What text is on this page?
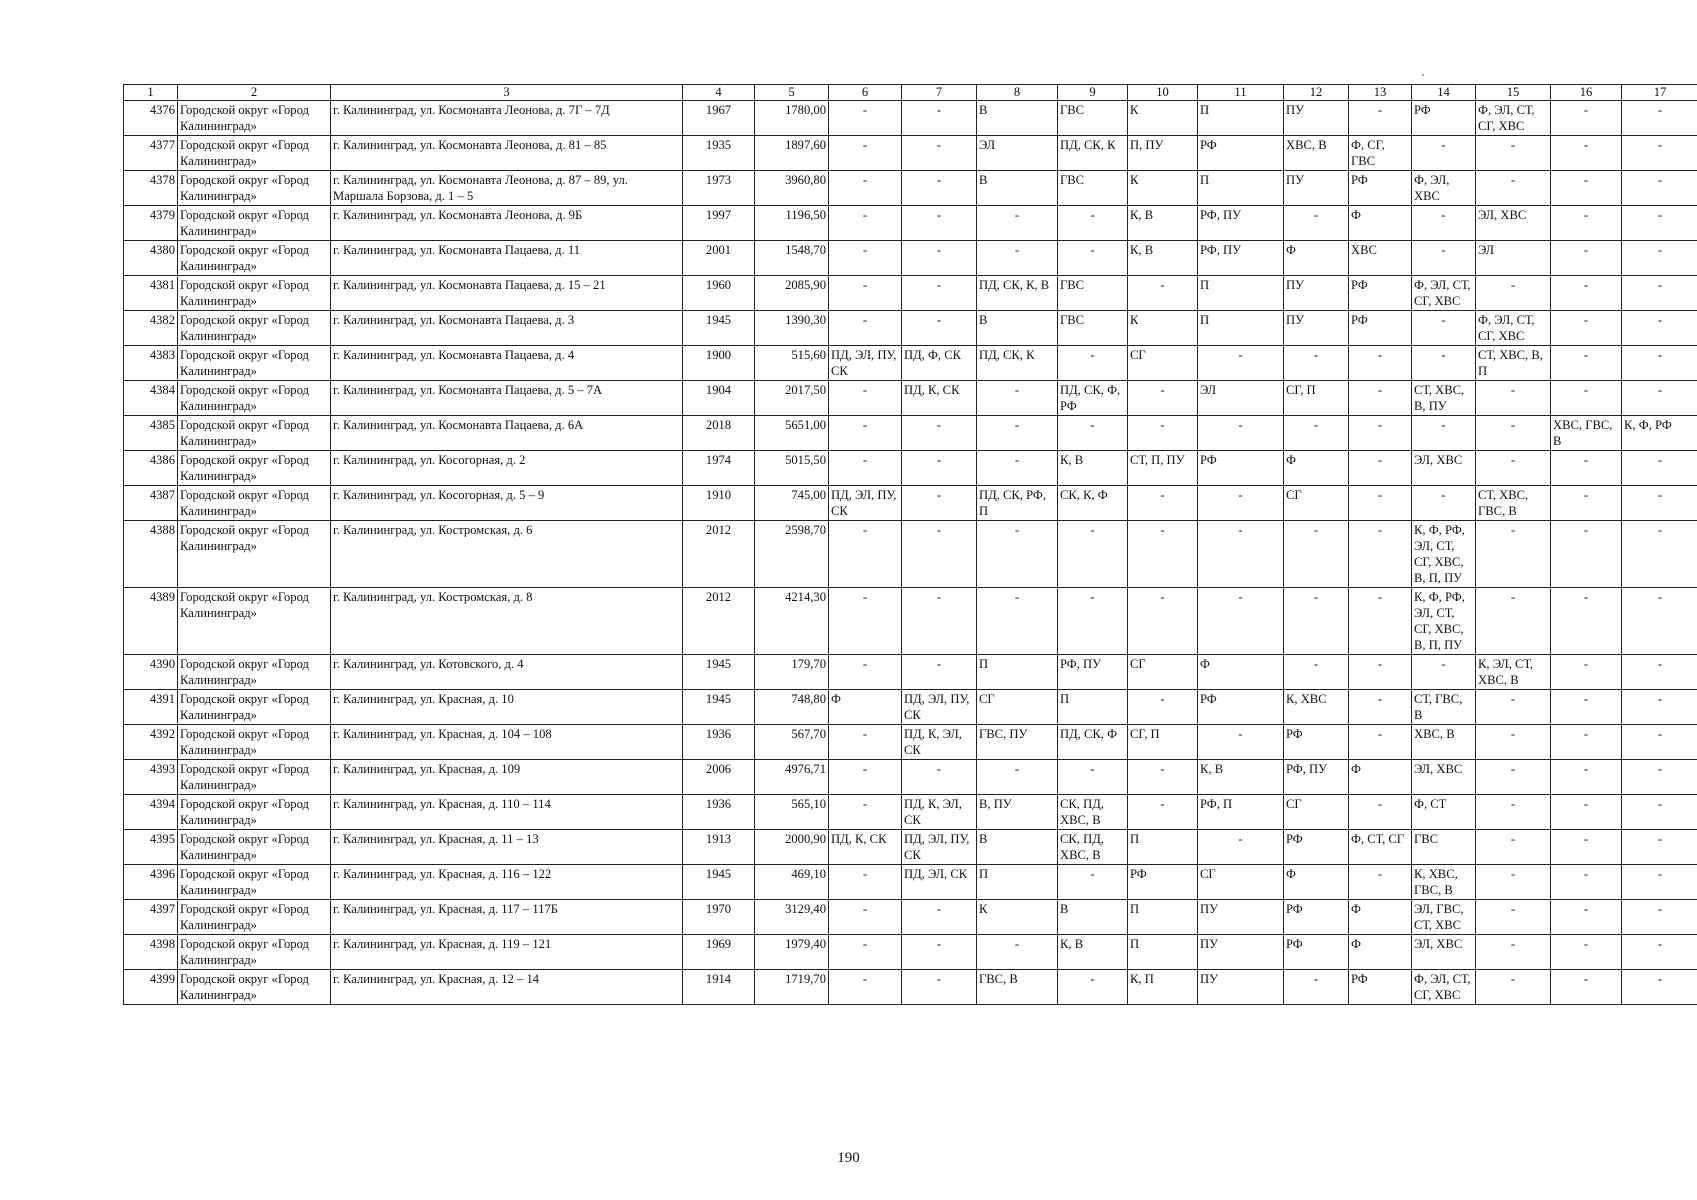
1	2	3	4	5	6	7	8	9	10	11	12	13	14	15	16	17
4376	Городской округ «Город Калининград»	г. Калининград, ул. Космонавта Леонова, д. 7Г – 7Д	1967	1780,00	-	-	В	ГВС	К	П	ПУ	-	РФ	Ф, ЭЛ, СТ, СГ, ХВС	-	-
4377	Городской округ «Город Калининград»	г. Калининград, ул. Космонавта Леонова, д. 81 – 85	1935	1897,60	-	-	ЭЛ	ПД, СК, К	П, ПУ	РФ	ХВС, В	Ф, СГ, ГВС	-	-	-	-
4378	Городской округ «Город Калининград»	г. Калининград, ул. Космонавта Леонова, д. 87 – 89, ул. Маршала Борзова, д. 1 – 5	1973	3960,80	-	-	В	ГВС	К	П	ПУ	РФ	Ф, ЭЛ, ХВС	-	-	-
4379	Городской округ «Город Калининград»	г. Калининград, ул. Космонавта Леонова, д. 9Б	1997	1196,50	-	-	-	-	К, В	РФ, ПУ	-	Ф	-	ЭЛ, ХВС	-	-
4380	Городской округ «Город Калининград»	г. Калининград, ул. Космонавта Пацаева, д. 11	2001	1548,70	-	-	-	-	К, В	РФ, ПУ	Ф	ХВС	-	ЭЛ	-	-
4381	Городской округ «Город Калининград»	г. Калининград, ул. Космонавта Пацаева, д. 15 – 21	1960	2085,90	-	-	ПД, СК, К, В	ГВС	-	П	ПУ	РФ	Ф, ЭЛ, СТ, СГ, ХВС	-	-	-
4382	Городской округ «Город Калининград»	г. Калининград, ул. Космонавта Пацаева, д. 3	1945	1390,30	-	-	В	ГВС	К	П	ПУ	РФ	-	Ф, ЭЛ, СТ, СГ, ХВС	-	-
4383	Городской округ «Город Калининград»	г. Калининград, ул. Космонавта Пацаева, д. 4	1900	515,60	ПД, ЭЛ, ПУ, СК	ПД, Ф, СК	ПД, СК, К	-	СГ	-	-	-	-	СТ, ХВС, В, П	-	-
4384	Городской округ «Город Калининград»	г. Калининград, ул. Космонавта Пацаева, д. 5 – 7А	1904	2017,50	-	ПД, К, СК	-	ПД, СК, Ф, РФ	-	ЭЛ	СГ, П	-	СТ, ХВС, В, ПУ	-	-	-
4385	Городской округ «Город Калининград»	г. Калининград, ул. Космонавта Пацаева, д. 6А	2018	5651,00	-	-	-	-	-	-	-	-	-	-	ХВС, ГВС, В	К, Ф, РФ
4386	Городской округ «Город Калининград»	г. Калининград, ул. Косогорная, д. 2	1974	5015,50	-	-	-	К, В	СТ, П, ПУ	РФ	Ф	-	ЭЛ, ХВС	-	-	-
4387	Городской округ «Город Калининград»	г. Калининград, ул. Косогорная, д. 5 – 9	1910	745,00	ПД, ЭЛ, ПУ, СК	-	ПД, СК, РФ, П	СК, К, Ф	-	-	СГ	-	-	СТ, ХВС, ГВС, В	-	-
4388	Городской округ «Город Калининград»	г. Калининград, ул. Костромская, д. 6	2012	2598,70	-	-	-	-	-	-	-	-	К, Ф, РФ, ЭЛ, СТ, СГ, ХВС, В, П, ПУ	-	-	-
4389	Городской округ «Город Калининград»	г. Калининград, ул. Костромская, д. 8	2012	4214,30	-	-	-	-	-	-	-	-	К, Ф, РФ, ЭЛ, СТ, СГ, ХВС, В, П, ПУ	-	-	-
4390	Городской округ «Город Калининград»	г. Калининград, ул. Котовского, д. 4	1945	179,70	-	-	П	РФ, ПУ	СГ	Ф	-	-	-	К, ЭЛ, СТ, ХВС, В	-	-
4391	Городской округ «Город Калининград»	г. Калининград, ул. Красная, д. 10	1945	748,80	Ф	ПД, ЭЛ, ПУ, СК	СГ	П	-	РФ	К, ХВС	-	СТ, ГВС, В	-	-	-
4392	Городской округ «Город Калининград»	г. Калининград, ул. Красная, д. 104 – 108	1936	567,70	-	ПД, К, ЭЛ, СК	ГВС, ПУ	ПД, СК, Ф	СГ, П	-	РФ	-	ХВС, В	-	-	-
4393	Городской округ «Город Калининград»	г. Калининград, ул. Красная, д. 109	2006	4976,71	-	-	-	-	-	К, В	РФ, ПУ	Ф	ЭЛ, ХВС	-	-	-
4394	Городской округ «Город Калининград»	г. Калининград, ул. Красная, д. 110 – 114	1936	565,10	-	ПД, К, ЭЛ, СК	В, ПУ	СК, ПД, ХВС, В	-	РФ, П	СГ	-	Ф, СТ	-	-	-
4395	Городской округ «Город Калининград»	г. Калининград, ул. Красная, д. 11 – 13	1913	2000,90	ПД, К, СК	ПД, ЭЛ, ПУ, СК	В	СК, ПД, ХВС, В	П	-	РФ	Ф, СТ, СГ	ГВС	-	-	-
4396	Городской округ «Город Калининград»	г. Калининград, ул. Красная, д. 116 – 122	1945	469,10	-	ПД, ЭЛ, СК	П	-	РФ	СГ	Ф	-	К, ХВС, ГВС, В	-	-	-
4397	Городской округ «Город Калининград»	г. Калининград, ул. Красная, д. 117 – 117Б	1970	3129,40	-	-	К	В	П	ПУ	РФ	Ф	ЭЛ, ГВС, СТ, ХВС	-	-	-
4398	Городской округ «Город Калининград»	г. Калининград, ул. Красная, д. 119 – 121	1969	1979,40	-	-	-	К, В	П	ПУ	РФ	Ф	ЭЛ, ХВС	-	-	-
4399	Городской округ «Город Калининград»	г. Калининград, ул. Красная, д. 12 – 14	1914	1719,70	-	-	ГВС, В	-	К, П	ПУ	-	РФ	Ф, ЭЛ, СТ, СГ, ХВС	-	-	-
190
